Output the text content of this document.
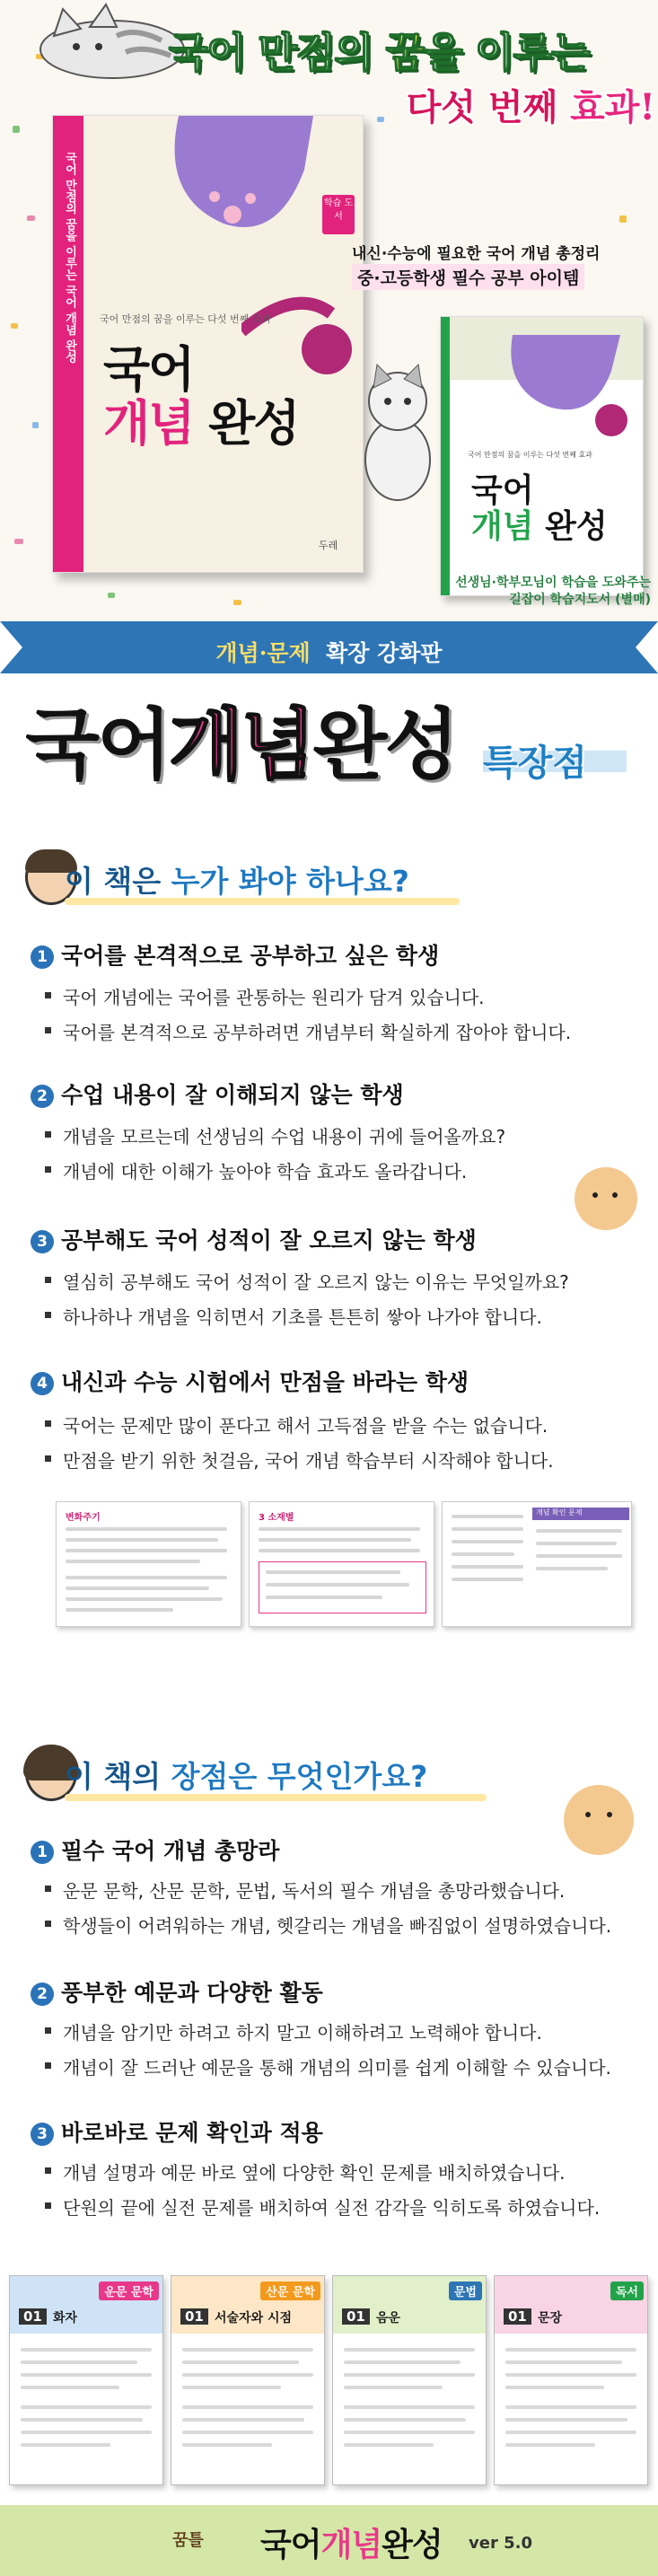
국어 만점의 꿈을 이루는
다섯 번째 효과!
국어 만점의 꿈을 이루는 국어 개념 완성	학습 도서
국어 만점의 꿈을 이루는 다섯 번째 효과
국어
개념 완성
두레
내신·수능에 필요한 국어 개념 총정리
중·고등학생 필수 공부 아이템
국어 만점의 꿈을 이루는 다섯 번째 효과
국어
개념 완성
선생님·학부모님이 학습을 도와주는
길잡이 학습지도서 (별매)
개념·문제 확장 강화판
국어개념완성 특장점
이 책은 누가 봐야 하나요?
1 국어를 본격적으로 공부하고 싶은 학생
국어 개념에는 국어를 관통하는 원리가 담겨 있습니다.
국어를 본격적으로 공부하려면 개념부터 확실하게 잡아야 합니다.
2 수업 내용이 잘 이해되지 않는 학생
개념을 모르는데 선생님의 수업 내용이 귀에 들어올까요?
개념에 대한 이해가 높아야 학습 효과도 올라갑니다.
3 공부해도 국어 성적이 잘 오르지 않는 학생
열심히 공부해도 국어 성적이 잘 오르지 않는 이유는 무엇일까요?
하나하나 개념을 익히면서 기초를 튼튼히 쌓아 나가야 합니다.
4 내신과 수능 시험에서 만점을 바라는 학생
국어는 문제만 많이 푼다고 해서 고득점을 받을 수는 없습니다.
만점을 받기 위한 첫걸음, 국어 개념 학습부터 시작해야 합니다.
변화주기	3 소재별
개념 확인 문제
이 책의 장점은 무엇인가요?
1 필수 국어 개념 총망라
운문 문학, 산문 문학, 문법, 독서의 필수 개념을 총망라했습니다.
학생들이 어려워하는 개념, 헷갈리는 개념을 빠짐없이 설명하였습니다.
2 풍부한 예문과 다양한 활동
개념을 암기만 하려고 하지 말고 이해하려고 노력해야 합니다.
개념이 잘 드러난 예문을 통해 개념의 의미를 쉽게 이해할 수 있습니다.
3 바로바로 문제 확인과 적용
개념 설명과 예문 바로 옆에 다양한 확인 문제를 배치하였습니다.
단원의 끝에 실전 문제를 배치하여 실전 감각을 익히도록 하였습니다.
운문 문학
01 화자
산문 문학
01 서술자와 시점
문법
01 음운
독서
01 문장
꿈틀 국어개념완성 ver 5.0
